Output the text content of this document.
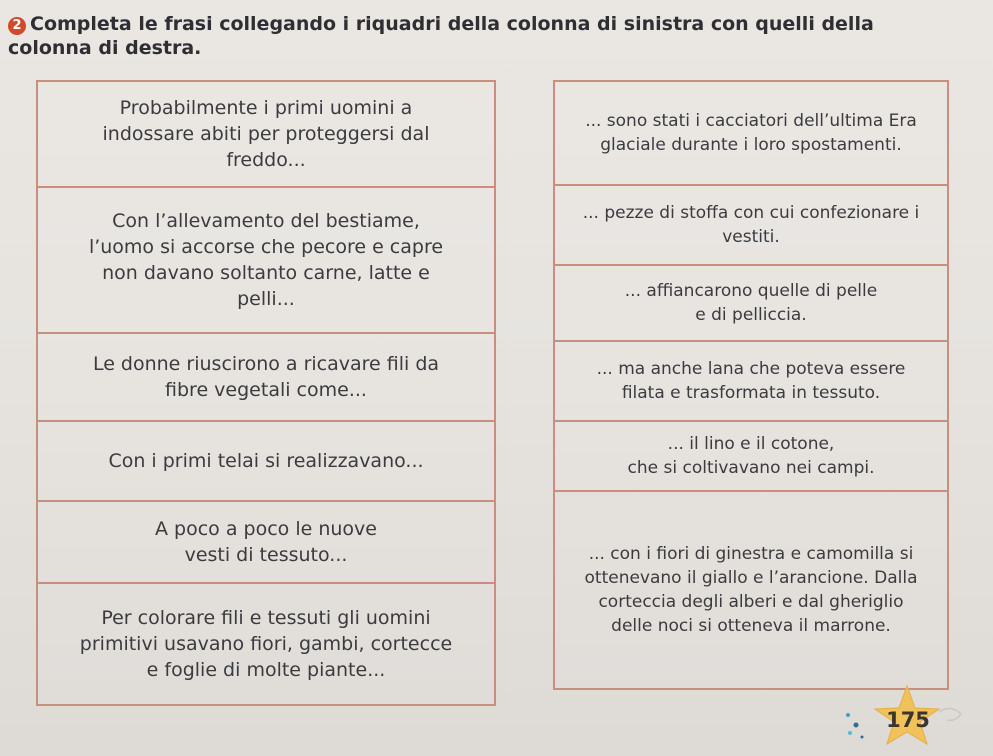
2 Completa le frasi collegando i riquadri della colonna di sinistra con quelli della colonna di destra.
Probabilmente i primi uomini a
indossare abiti per proteggersi dal
freddo...
Con l’allevamento del bestiame,
l’uomo si accorse che pecore e capre
non davano soltanto carne, latte e
pelli...
Le donne riuscirono a ricavare fili da
fibre vegetali come...
Con i primi telai si realizzavano...
A poco a poco le nuove
vesti di tessuto...
Per colorare fili e tessuti gli uomini
primitivi usavano fiori, gambi, cortecce
e foglie di molte piante...
... sono stati i cacciatori dell’ultima Era
glaciale durante i loro spostamenti.
... pezze di stoffa con cui confezionare i
vestiti.
... affiancarono quelle di pelle
e di pelliccia.
... ma anche lana che poteva essere
filata e trasformata in tessuto.
... il lino e il cotone,
che si coltivavano nei campi.
... con i fiori di ginestra e camomilla si
ottenevano il giallo e l’arancione. Dalla
corteccia degli alberi e dal gheriglio
delle noci si otteneva il marrone.
175
